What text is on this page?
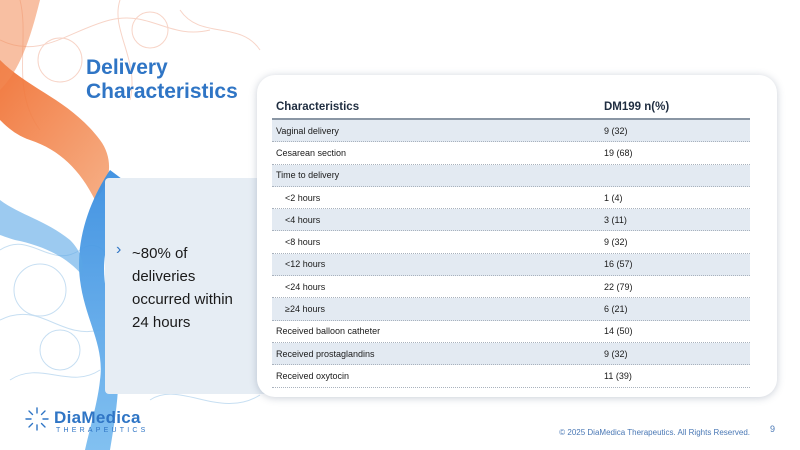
Delivery
Characteristics
› ~80% of deliveries occurred within 24 hours
Characteristics	DM199 n(%)
Vaginal delivery	9 (32)
Cesarean section	19 (68)
Time to delivery
<2 hours	1 (4)
<4 hours	3 (11)
<8 hours	9 (32)
<12 hours	16 (57)
<24 hours	22 (79)
≥24 hours	6 (21)
Received balloon catheter	14 (50)
Received prostaglandins	9 (32)
Received oxytocin	11 (39)
DiaMedica
THERAPEUTICS	© 2025 DiaMedica Therapeutics. All Rights Reserved. 9
